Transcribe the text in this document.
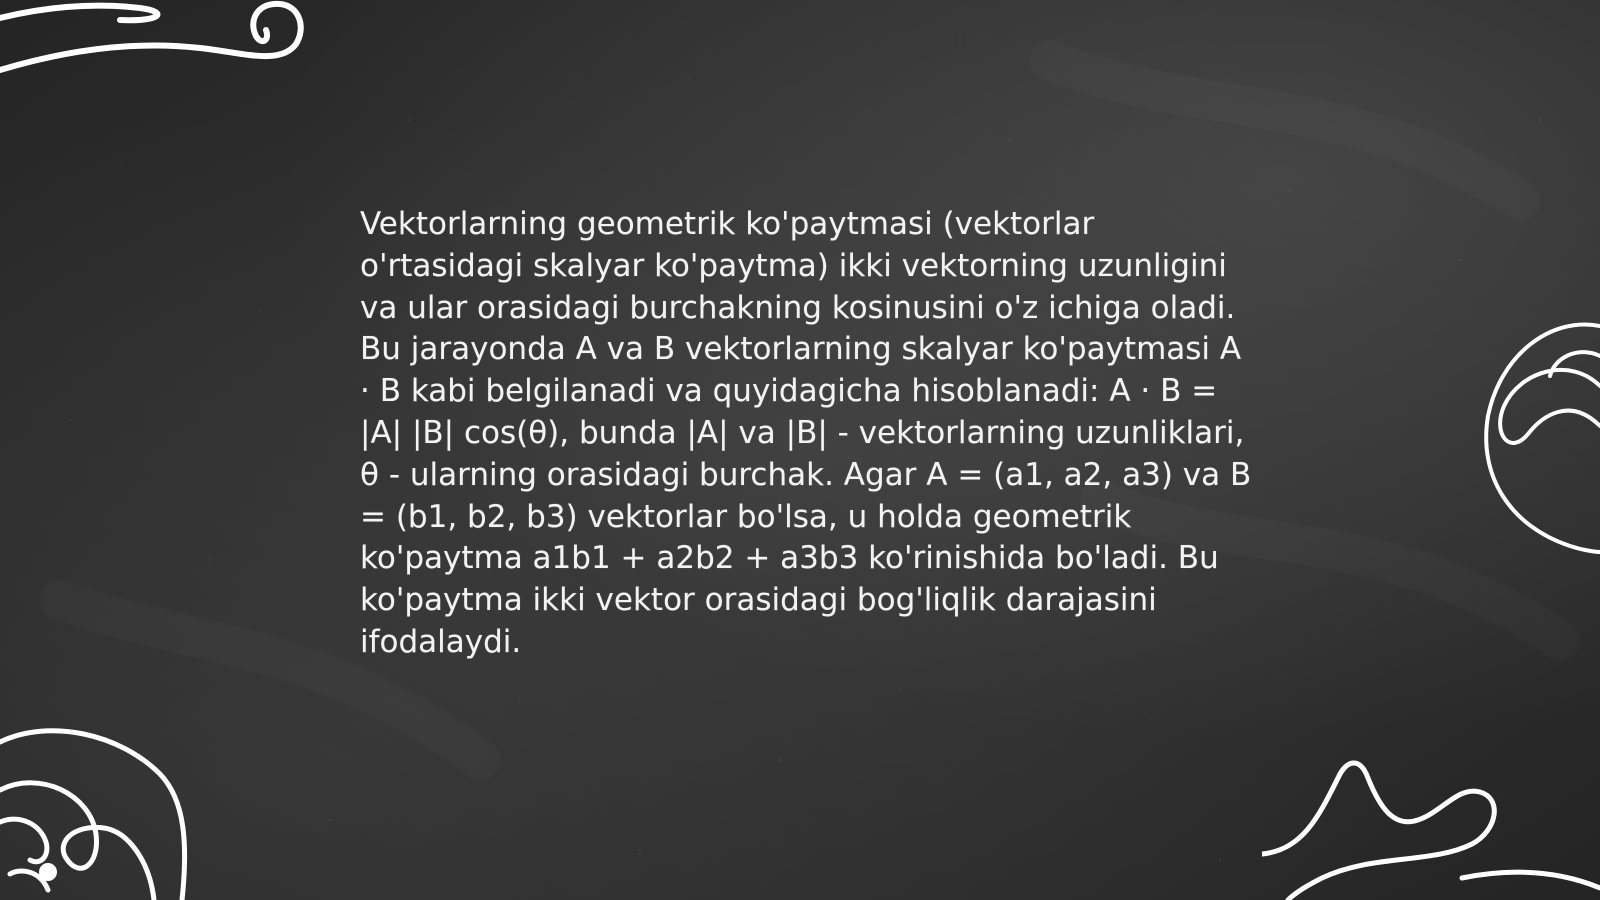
Vektorlarning geometrik ko'paytmasi (vektorlar o'rtasidagi skalyar ko'paytma) ikki vektorning uzunligini va ular orasidagi burchakning kosinusini o'z ichiga oladi. Bu jarayonda A va B vektorlarning skalyar ko'paytmasi A · B kabi belgilanadi va quyidagicha hisoblanadi: A · B = |A| |B| cos(θ), bunda |A| va |B| - vektorlarning uzunliklari, θ - ularning orasidagi burchak. Agar A = (a1, a2, a3) va B = (b1, b2, b3) vektorlar bo'lsa, u holda geometrik ko'paytma a1b1 + a2b2 + a3b3 ko'rinishida bo'ladi. Bu ko'paytma ikki vektor orasidagi bog'liqlik darajasini ifodalaydi.
